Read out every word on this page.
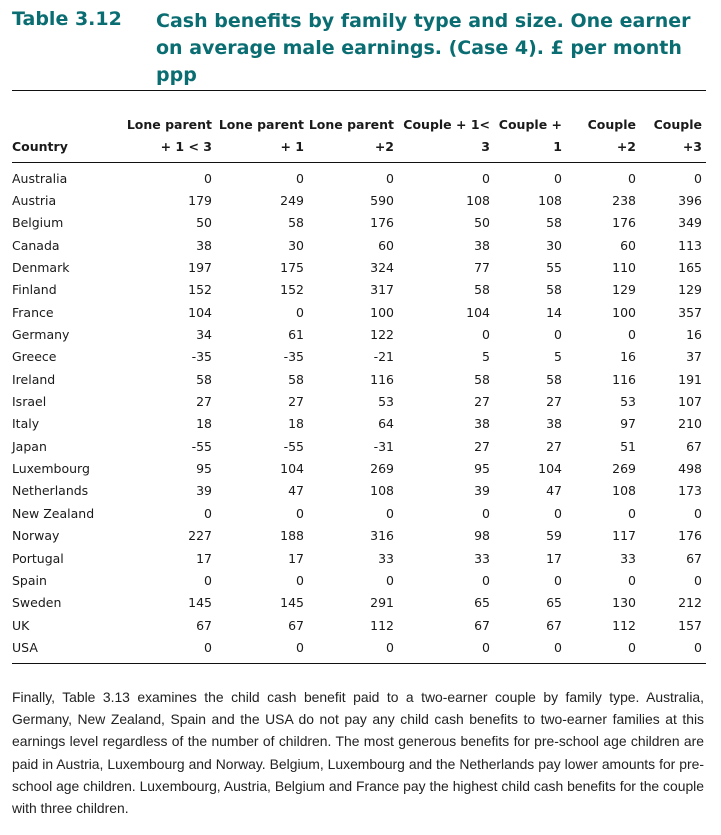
Table 3.12 Cash benefits by family type and size. One earner on average male earnings. (Case 4). £ per month ppp
Country	Lone parent + 1 < 3	Lone parent + 1	Lone parent +2	Couple + 1< 3	Couple + 1	Couple +2	Couple +3
Australia	0	0	0	0	0	0	0
Austria	179	249	590	108	108	238	396
Belgium	50	58	176	50	58	176	349
Canada	38	30	60	38	30	60	113
Denmark	197	175	324	77	55	110	165
Finland	152	152	317	58	58	129	129
France	104	0	100	104	14	100	357
Germany	34	61	122	0	0	0	16
Greece	-35	-35	-21	5	5	16	37
Ireland	58	58	116	58	58	116	191
Israel	27	27	53	27	27	53	107
Italy	18	18	64	38	38	97	210
Japan	-55	-55	-31	27	27	51	67
Luxembourg	95	104	269	95	104	269	498
Netherlands	39	47	108	39	47	108	173
New Zealand	0	0	0	0	0	0	0
Norway	227	188	316	98	59	117	176
Portugal	17	17	33	33	17	33	67
Spain	0	0	0	0	0	0	0
Sweden	145	145	291	65	65	130	212
UK	67	67	112	67	67	112	157
USA	0	0	0	0	0	0	0
Finally, Table 3.13 examines the child cash benefit paid to a two-earner couple by family type. Australia, Germany, New Zealand, Spain and the USA do not pay any child cash benefits to two-earner families at this earnings level regardless of the number of children. The most generous benefits for pre-school age children are paid in Austria, Luxembourg and Norway. Belgium, Luxembourg and the Netherlands pay lower amounts for pre-school age children. Luxembourg, Austria, Belgium and France pay the highest child cash benefits for the couple with three children.
